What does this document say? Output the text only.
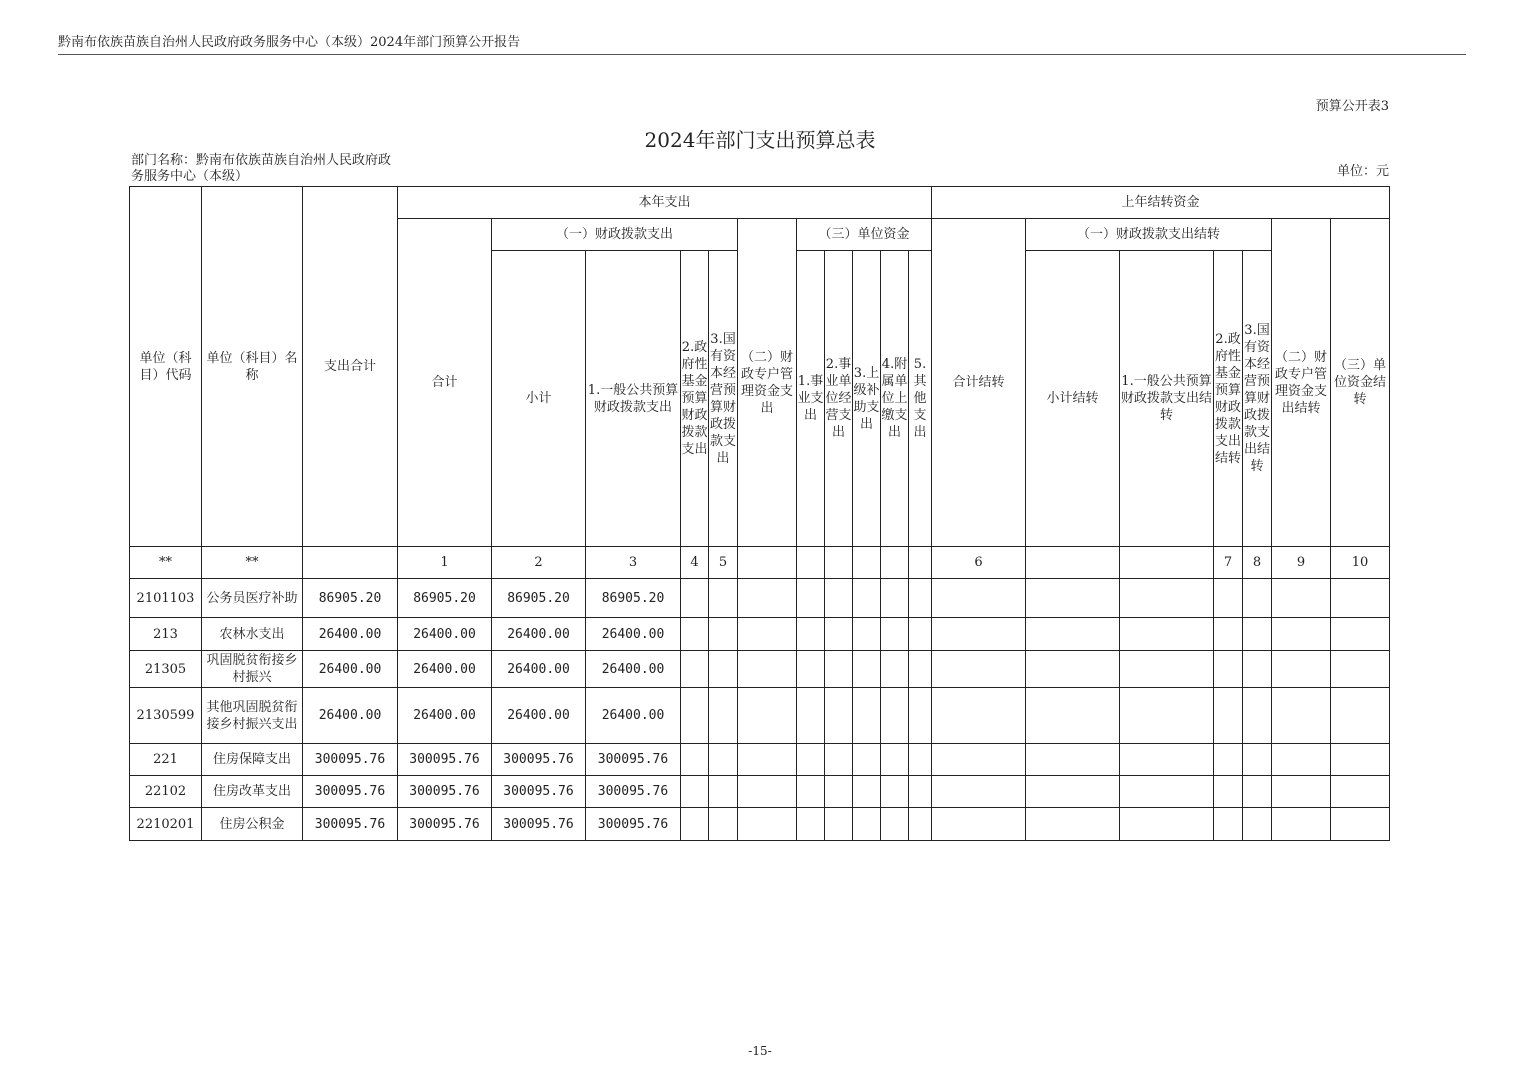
黔南布依族苗族自治州人民政府政务服务中心（本级）2024年部门预算公开报告
预算公开表3
2024年部门支出预算总表
部门名称：黔南布依族苗族自治州人民政府政务服务中心（本级）	单位：元
单位（科目）代码	单位（科目）名称	支出合计	本年支出											上年结转资金						
			合计	（一）财政拨款支出				（二）财政专户管理资金支出	（三）单位资金					合计结转	（一）财政拨款支出结转				（二）财政专户管理资金支出结转	（三）单位资金结转
				小计	1.一般公共预算财政拨款支出	2.政府性基金预算财政拨款支出	3.国有资本经营预算财政拨款支出		1.事业支出	2.事业单位经营支出	3.上级补助支出	4.附属单位上缴支出	5.其他支出		小计结转	1.一般公共预算财政拨款支出结转	2.政府性基金预算财政拨款支出结转	3.国有资本经营预算财政拨款支出结转		
**	**		1	2	3	4	5							6			7	8	9	10
2101103	公务员医疗补助	86905.20	86905.20	86905.20	86905.20															
213	农林水支出	26400.00	26400.00	26400.00	26400.00															
21305	巩固脱贫衔接乡村振兴	26400.00	26400.00	26400.00	26400.00															
2130599	其他巩固脱贫衔接乡村振兴支出	26400.00	26400.00	26400.00	26400.00															
221	住房保障支出	300095.76	300095.76	300095.76	300095.76															
22102	住房改革支出	300095.76	300095.76	300095.76	300095.76															
2210201	住房公积金	300095.76	300095.76	300095.76	300095.76															
-15-
